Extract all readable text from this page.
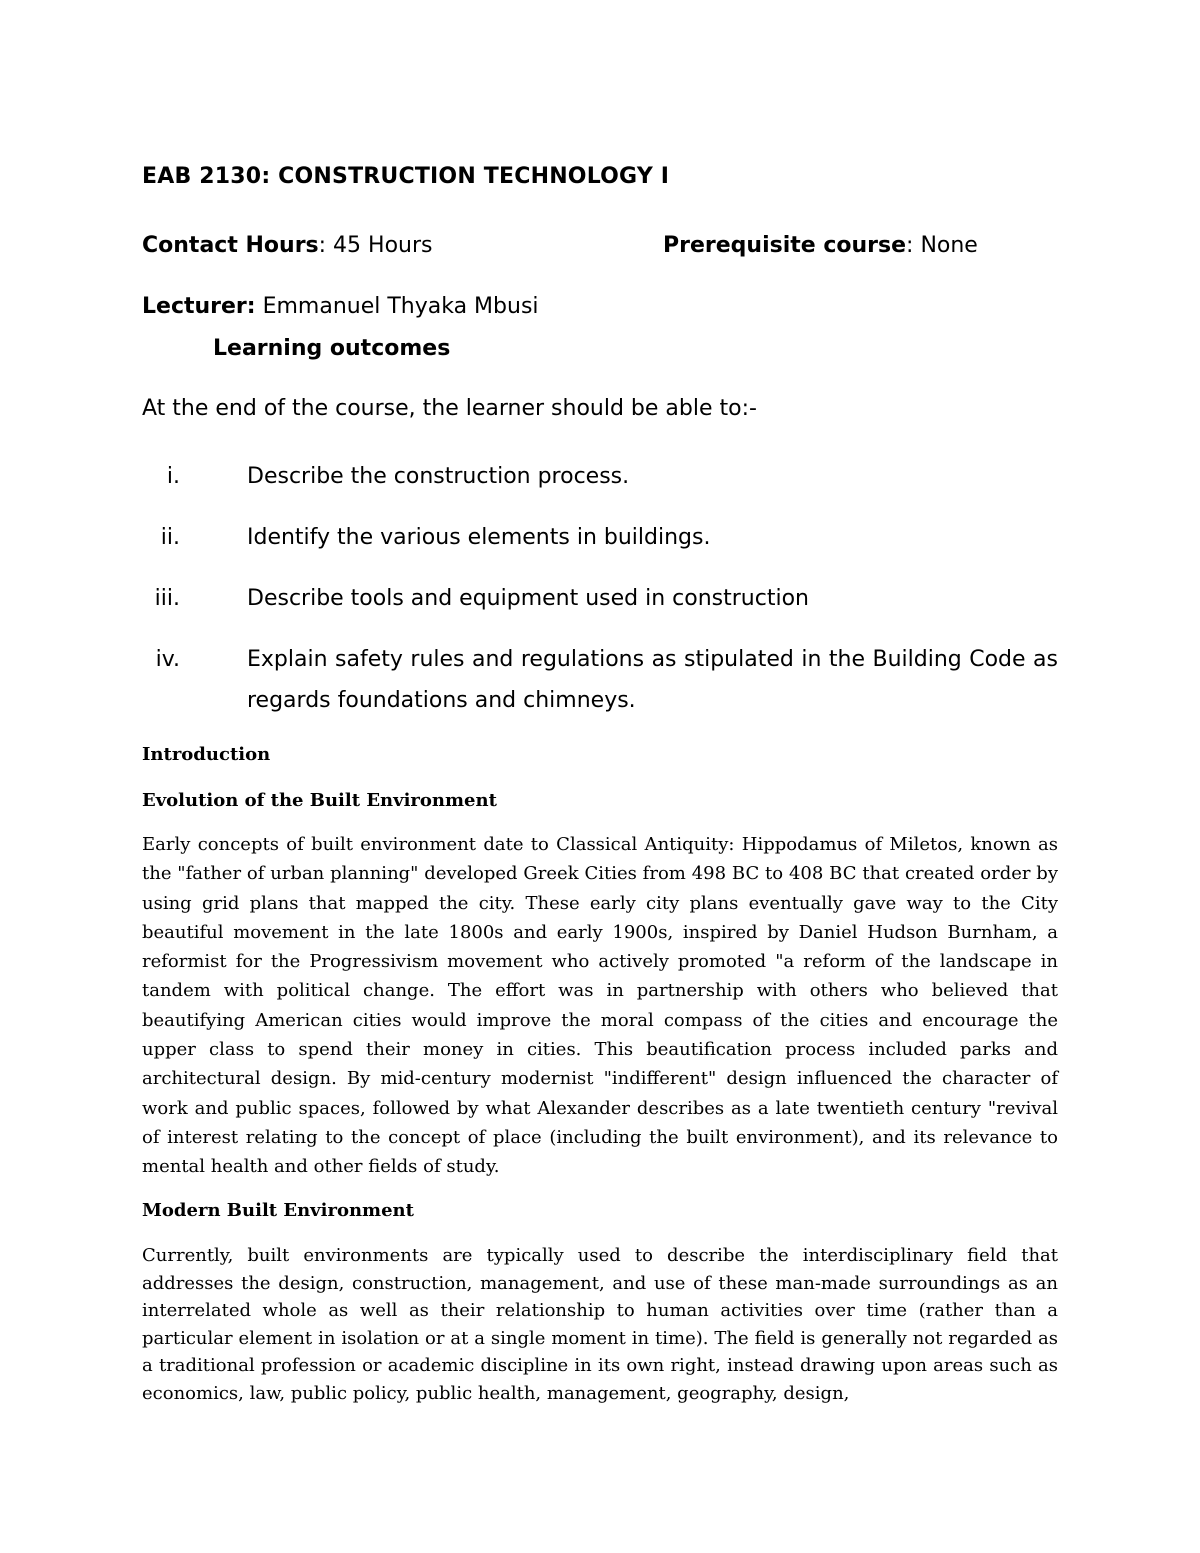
EAB 2130: CONSTRUCTION TECHNOLOGY I
Contact Hours: 45 Hours	Prerequisite course: None
Lecturer: Emmanuel Thyaka Mbusi
Learning outcomes
At the end of the course, the learner should be able to:-
i.	Describe the construction process.
ii.	Identify the various elements in buildings.
iii.	Describe tools and equipment used in construction
iv.	Explain safety rules and regulations as stipulated in the Building Code as regards foundations and chimneys.
Introduction
Evolution of the Built Environment

Early concepts of built environment date to Classical Antiquity: Hippodamus of Miletos, known as the "father of urban planning" developed Greek Cities from 498 BC to 408 BC that created order by using grid plans that mapped the city. These early city plans eventually gave way to the City beautiful movement in the late 1800s and early 1900s, inspired by Daniel Hudson Burnham, a reformist for the Progressivism movement who actively promoted "a reform of the landscape in tandem with political change. The effort was in partnership with others who believed that beautifying American cities would improve the moral compass of the cities and encourage the upper class to spend their money in cities. This beautification process included parks and architectural design. By mid-century modernist "indifferent" design influenced the character of work and public spaces, followed by what Alexander describes as a late twentieth century "revival of interest relating to the concept of place (including the built environment), and its relevance to mental health and other fields of study.

Modern Built Environment

Currently, built environments are typically used to describe the interdisciplinary field that addresses the design, construction, management, and use of these man-made surroundings as an interrelated whole as well as their relationship to human activities over time (rather than a particular element in isolation or at a single moment in time). The field is generally not regarded as a traditional profession or academic discipline in its own right, instead drawing upon areas such as economics, law, public policy, public health, management, geography, design,
